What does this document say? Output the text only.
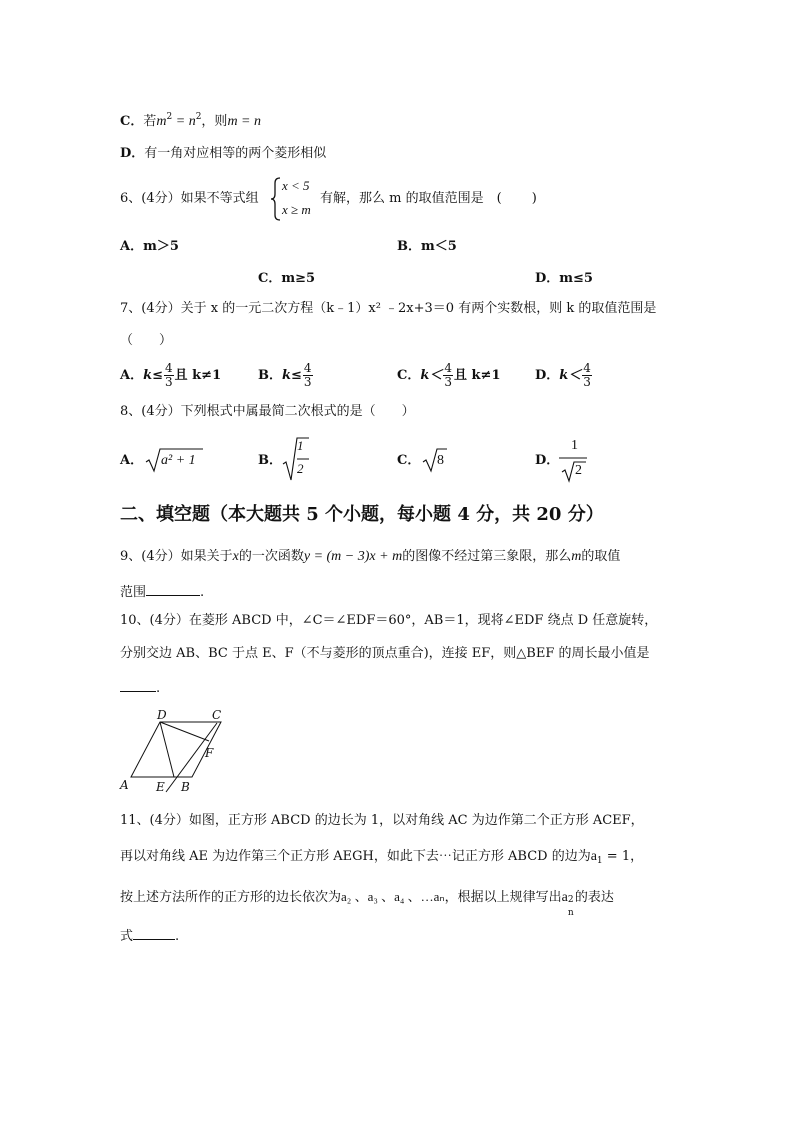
C．若$m^2 = n^2$，则m = n
D．有一角对应相等的两个菱形相似
6、(4分）如果不等式组
x < 5
x ≥ m
有解，那么 m 的取值范围是　(　　 )
A．m＞5	B．m＜5
C．m≥5	D．m≤5
7、(4分）关于 x 的一元二次方程（k﹣1）x² ﹣2x+3＝0 有两个实数根，则 k 的取值范围是
（　　）
A．$k\le \frac{4}{3}$ 且 k≠1	B．$k\le \frac{4}{3}$	C．$k< \frac{4}{3}$ 且 k≠1	D．$k< \frac{4}{3}$
8、(4分）下列根式中属最简二次根式的是（　　）
A． a² + 1	B．
1
2
C． 8	D．
1
2
二、填空题（本大题共 5 个小题，每小题 4 分，共 20 分）
9、(4分）如果关于x的一次函数y = (m − 3)x + m的图像不经过第三象限，那么m的取值
范围	.
10、(4分）在菱形 ABCD 中，∠C＝∠EDF＝60°，AB＝1，现将∠EDF 绕点 D 任意旋转，
分别交边 AB、BC 于点 E、F（不与菱形的顶点重合)，连接 EF，则△BEF 的周长最小值是
.
D	C
F
A E B
11、(4分）如图，正方形 ABCD 的边长为 1，以对角线 AC 为边作第二个正方形 ACEF，
再以对角线 AE 为边作第三个正方形 AEGH，如此下去⋯记正方形 ABCD 的边为$a_1 = 1$，
按上述方法所作的正方形的边长依次为a₂ 、a₃ 、a₄ 、…aₙ，根据以上规律写出a 2
n
的表达
式	.
